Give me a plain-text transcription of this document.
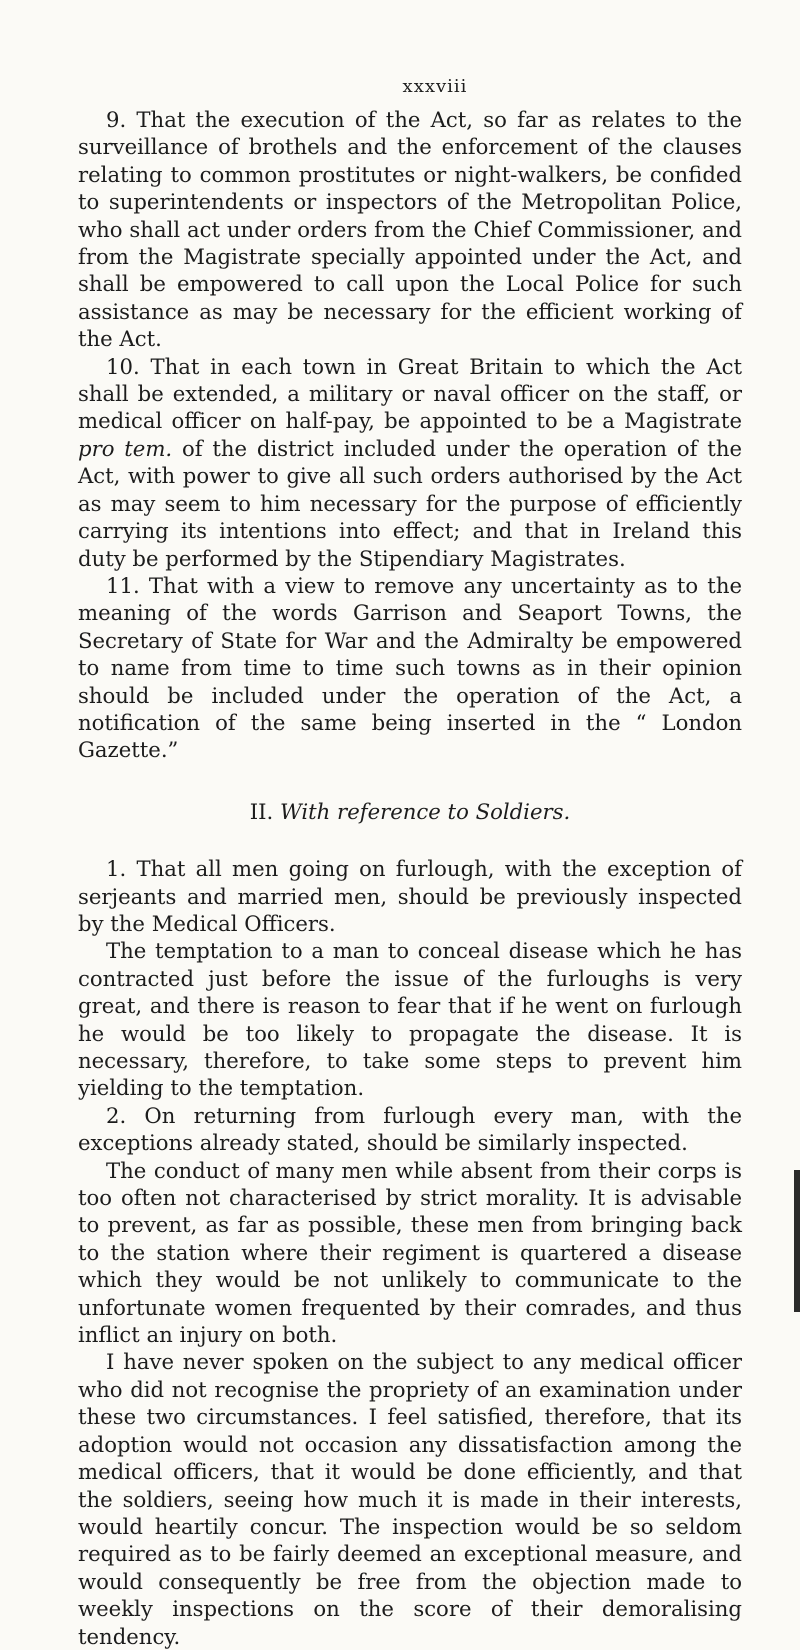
xxxviii

9. That the execution of the Act, so far as relates to the surveillance of brothels and the enforcement of the clauses relating to common prostitutes or night-walkers, be confided to superintendents or inspectors of the Metropolitan Police, who shall act under orders from the Chief Commissioner, and from the Magistrate specially appointed under the Act, and shall be empowered to call upon the Local Police for such assistance as may be necessary for the efficient working of the Act.

10. That in each town in Great Britain to which the Act shall be extended, a military or naval officer on the staff, or medical officer on half-pay, be appointed to be a Magistrate pro tem. of the district included under the operation of the Act, with power to give all such orders authorised by the Act as may seem to him necessary for the purpose of efficiently carrying its intentions into effect; and that in Ireland this duty be performed by the Stipendiary Magistrates.

11. That with a view to remove any uncertainty as to the meaning of the words Garrison and Seaport Towns, the Secretary of State for War and the Admiralty be empowered to name from time to time such towns as in their opinion should be included under the operation of the Act, a notification of the same being inserted in the “ London Gazette.”

II. With reference to Soldiers.

1. That all men going on furlough, with the exception of serjeants and married men, should be previously inspected by the Medical Officers.

The temptation to a man to conceal disease which he has contracted just before the issue of the furloughs is very great, and there is reason to fear that if he went on furlough he would be too likely to propagate the disease. It is necessary, therefore, to take some steps to prevent him yielding to the temptation.

2. On returning from furlough every man, with the exceptions already stated, should be similarly inspected.

The conduct of many men while absent from their corps is too often not characterised by strict morality. It is advisable to prevent, as far as possible, these men from bringing back to the station where their regiment is quartered a disease which they would be not unlikely to communicate to the unfortunate women frequented by their comrades, and thus inflict an injury on both.

I have never spoken on the subject to any medical officer who did not recognise the propriety of an examination under these two circumstances. I feel satisfied, therefore, that its adoption would not occasion any dissatisfaction among the medical officers, that it would be done efficiently, and that the soldiers, seeing how much it is made in their interests, would heartily concur. The inspection would be so seldom required as to be fairly deemed an exceptional measure, and would consequently be free from the objection made to weekly inspections on the score of their demoralising tendency.
